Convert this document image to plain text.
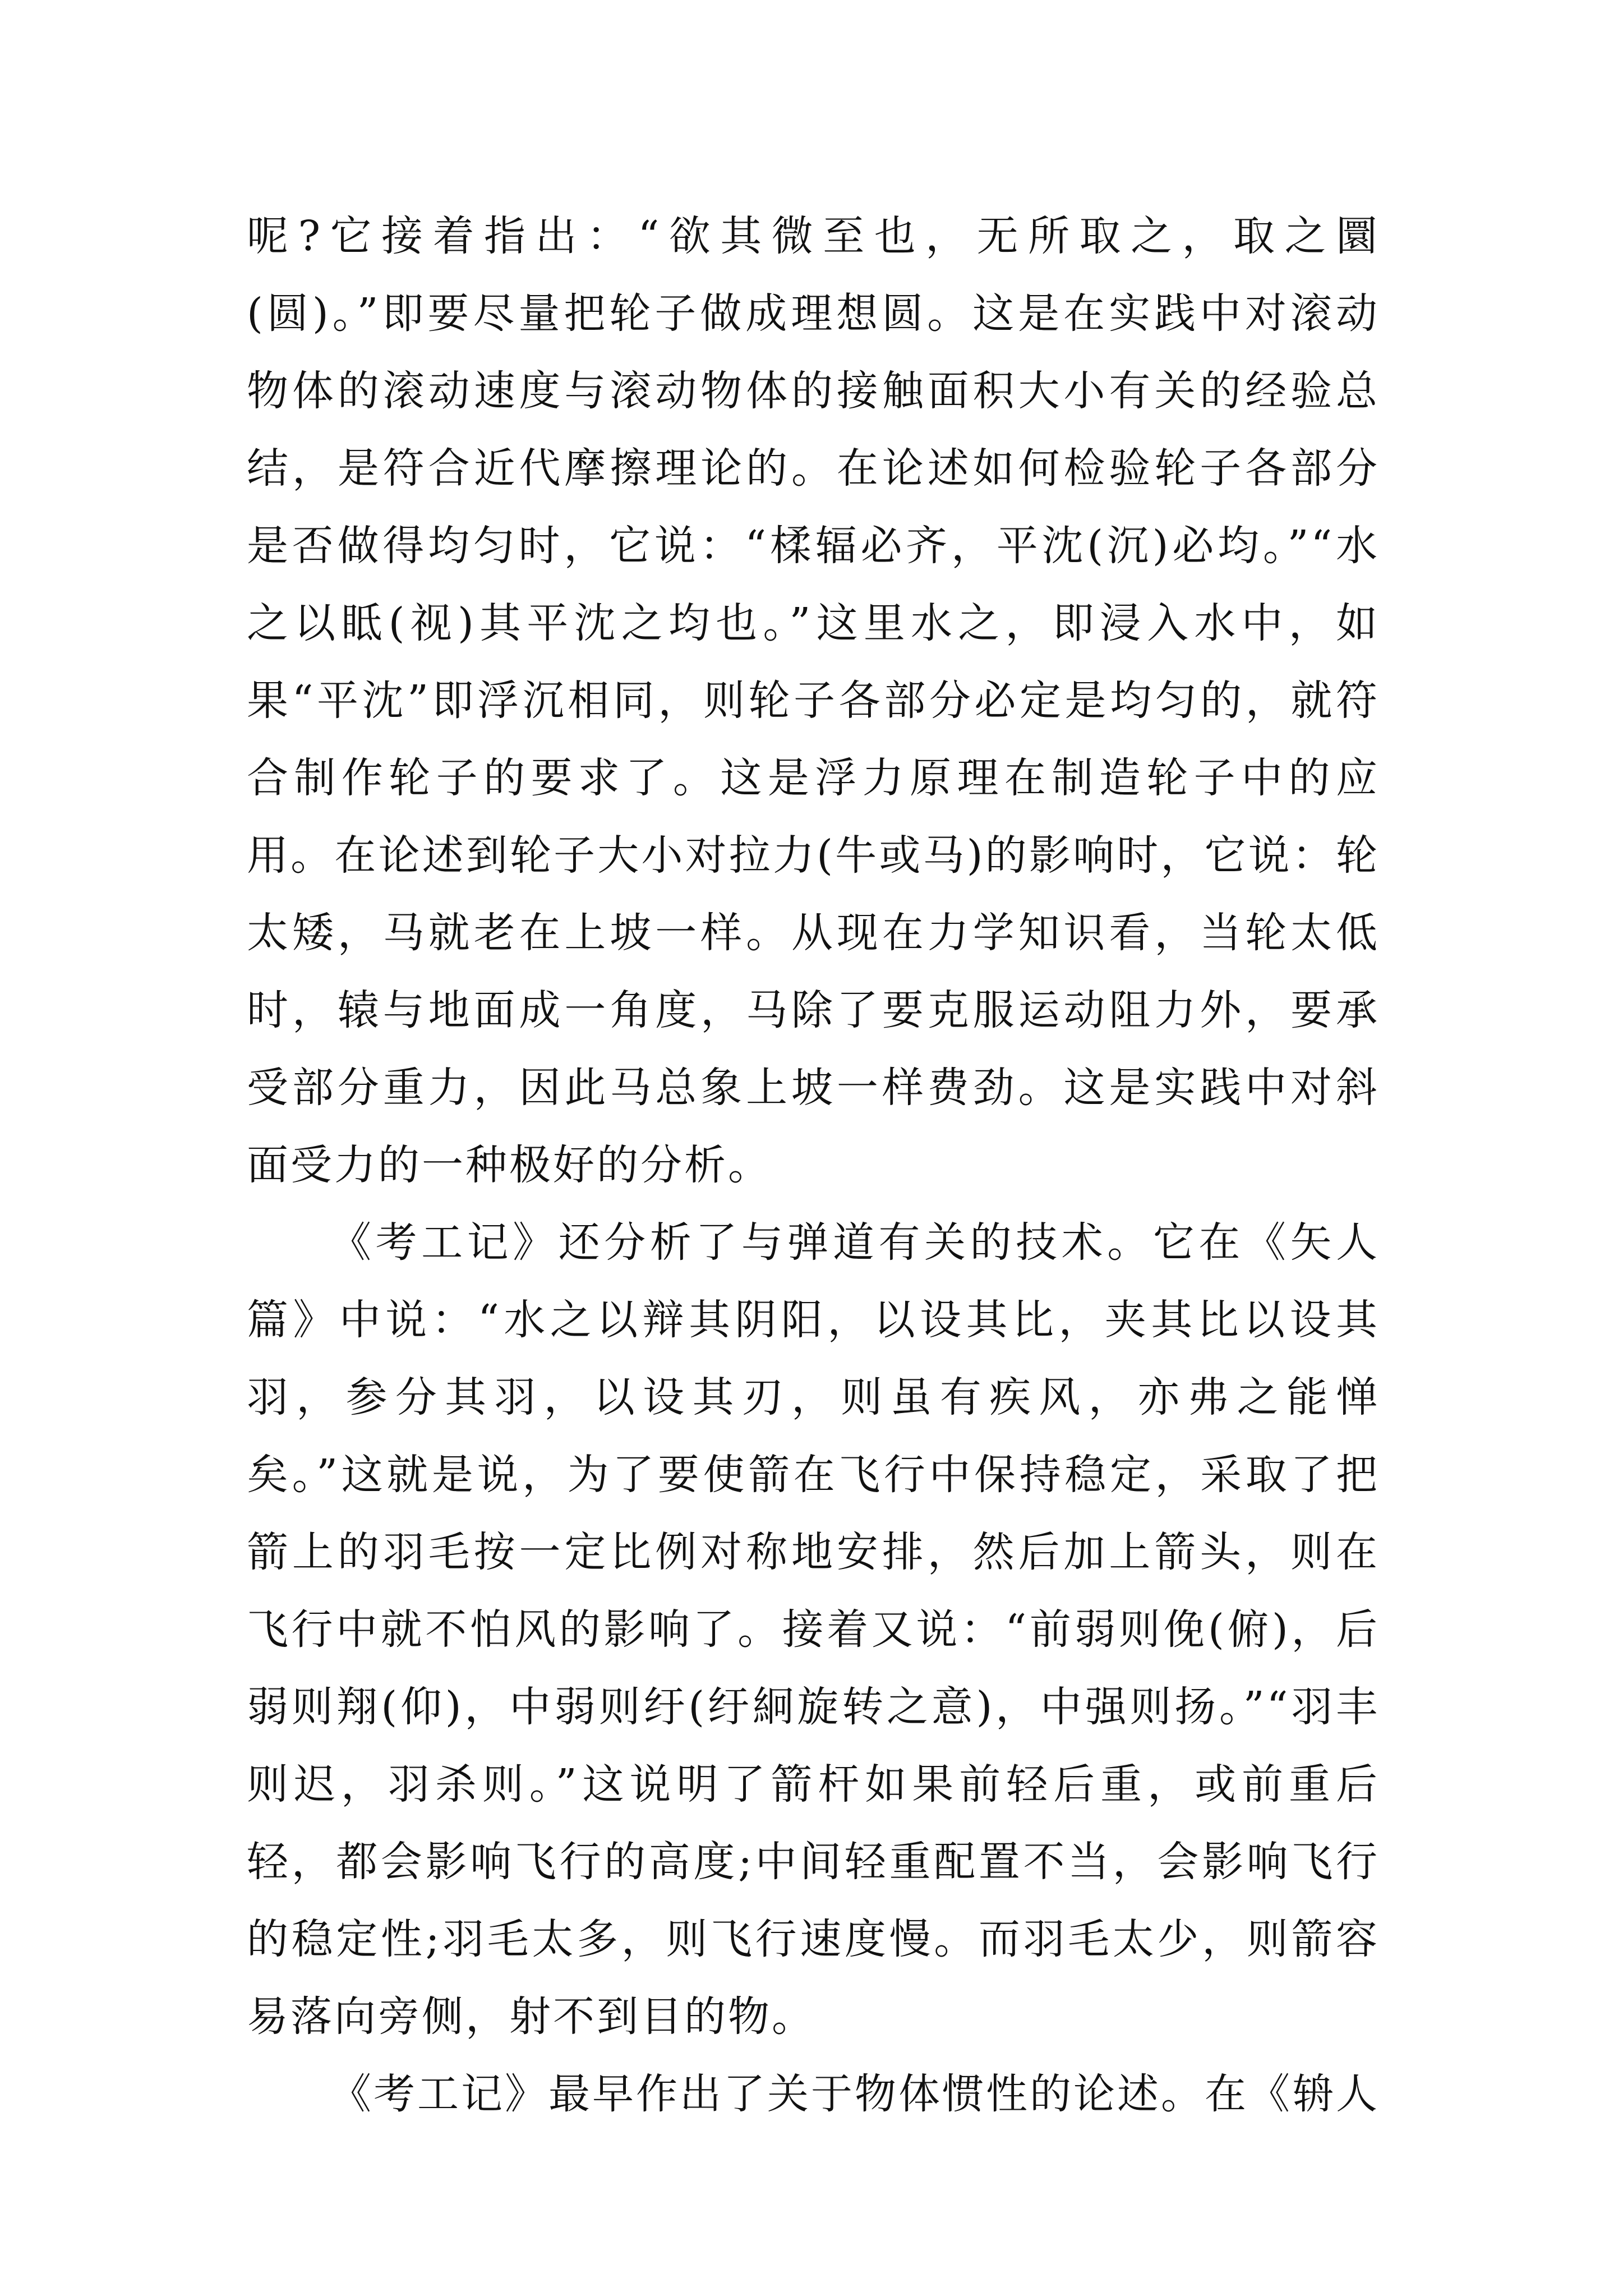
呢?它接着指出：“欲其微至也，无所取之，取之圜(圆)。”即要尽量把轮子做成理想圆。这是在实践中对滚动物体的滚动速度与滚动物体的接触面积大小有关的经验总结，是符合近代摩擦理论的。在论述如何检验轮子各部分是否做得均匀时，它说：“楺辐必齐，平沈(沉)必均。”“水之以眡(视)其平沈之均也。”这里水之，即浸入水中，如果“平沈”即浮沉相同，则轮子各部分必定是均匀的，就符合制作轮子的要求了。这是浮力原理在制造轮子中的应用。在论述到轮子大小对拉力(牛或马)的影响时，它说：轮太矮，马就老在上坡一样。从现在力学知识看，当轮太低时，辕与地面成一角度，马除了要克服运动阻力外，要承受部分重力，因此马总象上坡一样费劲。这是实践中对斜面受力的一种极好的分析。

《考工记》还分析了与弹道有关的技术。它在《矢人篇》中说：“水之以辩其阴阳，以设其比，夹其比以设其羽，参分其羽，以设其刃，则虽有疾风，亦弗之能惮矣。”这就是说，为了要使箭在飞行中保持稳定，采取了把箭上的羽毛按一定比例对称地安排，然后加上箭头，则在飞行中就不怕风的影响了。接着又说：“前弱则俛(俯)，后弱则翔(仰)，中弱则纡(纡絅旋转之意)，中强则扬。”“羽丰则迟，羽杀则。”这说明了箭杆如果前轻后重，或前重后轻，都会影响飞行的高度;中间轻重配置不当，会影响飞行的稳定性;羽毛太多，则飞行速度慢。而羽毛太少，则箭容易落向旁侧，射不到目的物。

《考工记》最早作出了关于物体惯性的论述。在《辀人
